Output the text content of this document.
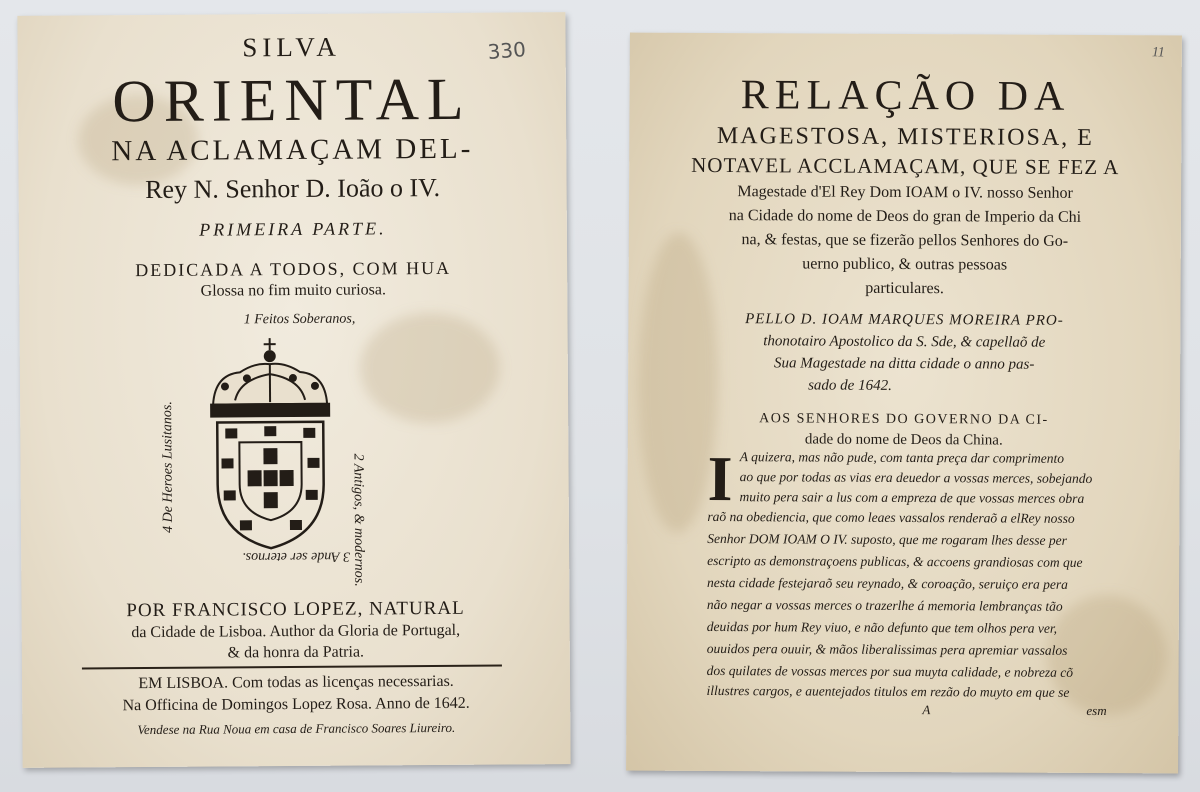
330
SILVA
ORIENTAL
NA ACLAMAÇAM DEL-
Rey N. Senhor D. Ioão o IV.
PRIMEIRA PARTE.
DEDICADA A TODOS, COM HUA
Glossa no fim muito curiosa.
1 Feitos Soberanos,
2 Antigos, & modernos.
3 Ande ser eternos.
4 De Heroes Lusitanos.
POR FRANCISCO LOPEZ, NATURAL
da Cidade de Lisboa. Author da Gloria de Portugal,
& da honra da Patria.
EM LISBOA. Com todas as licenças necessarias.
Na Officina de Domingos Lopez Rosa. Anno de 1642.
Vendese na Rua Noua em casa de Francisco Soares Liureiro.
11
RELAÇÃO DA
MAGESTOSA, MISTERIOSA, E
NOTAVEL ACCLAMAÇAM, QUE SE FEZ A
Magestade d'El Rey Dom IOAM o IV. nosso Senhor
na Cidade do nome de Deos do gran de Imperio da Chi
na, & festas, que se fizerão pellos Senhores do Go-
uerno publico, & outras pessoas
particulares.
PELLO D. IOAM MARQUES MOREIRA PRO-
thonotairo Apostolico da S. Sde, & capellaõ de
Sua Magestade na ditta cidade o anno pas-
sado de 1642.
AOS SENHORES DO GOVERNO DA CI-
dade do nome de Deos da China.
I A quizera, mas não pude, com tanta preça dar comprimento
ao que por todas as vias era deuedor a vossas merces, sobejando
muito pera sair a lus com a empreza de que vossas merces obra
raõ na obediencia, que como leaes vassalos renderaõ a elRey nosso
Senhor DOM IOAM O IV. suposto, que me rogaram lhes desse per
escripto as demonstraçoens publicas, & accoens grandiosas com que
nesta cidade festejaraõ seu reynado, & coroação, seruiço era pera
não negar a vossas merces o trazerlhe á memoria lembranças tão
deuidas por hum Rey viuo, e não defunto que tem olhos pera ver,
ouuidos pera ouuir, & mãos liberalissimas pera apremiar vassalos
dos quilates de vossas merces por sua muyta calidade, e nobreza cõ
illustres cargos, e auentejados titulos em rezão do muyto em que se
A	esm
